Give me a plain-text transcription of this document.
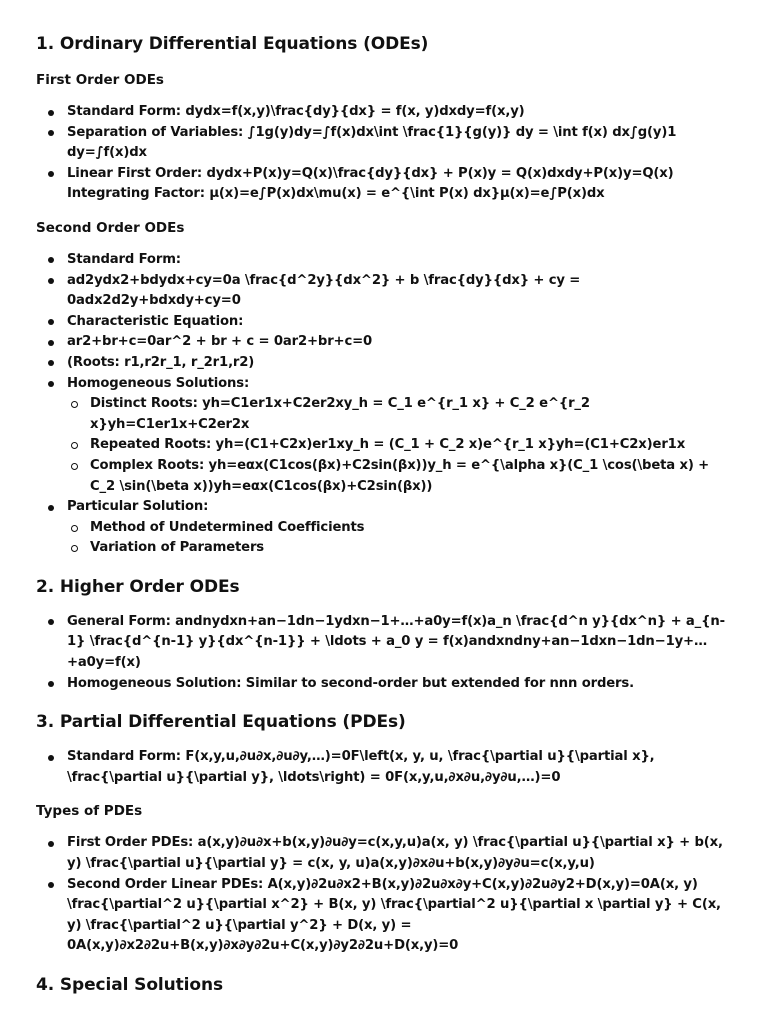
1. Ordinary Differential Equations (ODEs)
First Order ODEs
Standard Form: dydx=f(x,y)\frac{dy}{dx} = f(x, y)dxdy=f(x,y)
Separation of Variables: ∫1g(y)dy=∫f(x)dx\int \frac{1}{g(y)} dy = \int f(x) dx∫g(y)1 dy=∫f(x)dx
Linear First Order: dydx+P(x)y=Q(x)\frac{dy}{dx} + P(x)y = Q(x)dxdy+P(x)y=Q(x) Integrating Factor: μ(x)=e∫P(x)dx\mu(x) = e^{\int P(x) dx}μ(x)=e∫P(x)dx
Second Order ODEs
Standard Form:
ad2ydx2+bdydx+cy=0a \frac{d^2y}{dx^2} + b \frac{dy}{dx} + cy = 0adx2d2y+bdxdy+cy=0
Characteristic Equation:
ar2+br+c=0ar^2 + br + c = 0ar2+br+c=0
(Roots: r1,r2r_1, r_2r1,r2)
Homogeneous Solutions:
Distinct Roots: yh=C1er1x+C2er2xy_h = C_1 e^{r_1 x} + C_2 e^{r_2 x}yh=C1er1x+C2er2x
Repeated Roots: yh=(C1+C2x)er1xy_h = (C_1 + C_2 x)e^{r_1 x}yh=(C1+C2x)er1x
Complex Roots: yh=eαx(C1cos(βx)+C2sin(βx))y_h = e^{\alpha x}(C_1 \cos(\beta x) + C_2 \sin(\beta x))yh=eαx(C1cos(βx)+C2sin(βx))
Particular Solution:
Method of Undetermined Coefficients
Variation of Parameters
2. Higher Order ODEs
General Form: andnydxn+an−1dn−1ydxn−1+…+a0y=f(x)a_n \frac{d^n y}{dx^n} + a_{n-1} \frac{d^{n-1} y}{dx^{n-1}} + \ldots + a_0 y = f(x)andxndny+an−1dxn−1dn−1y+…+a0y=f(x)
Homogeneous Solution: Similar to second-order but extended for nnn orders.
3. Partial Differential Equations (PDEs)
Standard Form: F(x,y,u,∂u∂x,∂u∂y,…)=0F\left(x, y, u, \frac{\partial u}{\partial x}, \frac{\partial u}{\partial y}, \ldots\right) = 0F(x,y,u,∂x∂u,∂y∂u,…)=0
Types of PDEs
First Order PDEs: a(x,y)∂u∂x+b(x,y)∂u∂y=c(x,y,u)a(x, y) \frac{\partial u}{\partial x} + b(x, y) \frac{\partial u}{\partial y} = c(x, y, u)a(x,y)∂x∂u+b(x,y)∂y∂u=c(x,y,u)
Second Order Linear PDEs: A(x,y)∂2u∂x2+B(x,y)∂2u∂x∂y+C(x,y)∂2u∂y2+D(x,y)=0A(x, y) \frac{\partial^2 u}{\partial x^2} + B(x, y) \frac{\partial^2 u}{\partial x \partial y} + C(x, y) \frac{\partial^2 u}{\partial y^2} + D(x, y) = 0A(x,y)∂x2∂2u+B(x,y)∂x∂y∂2u+C(x,y)∂y2∂2u+D(x,y)=0
4. Special Solutions
